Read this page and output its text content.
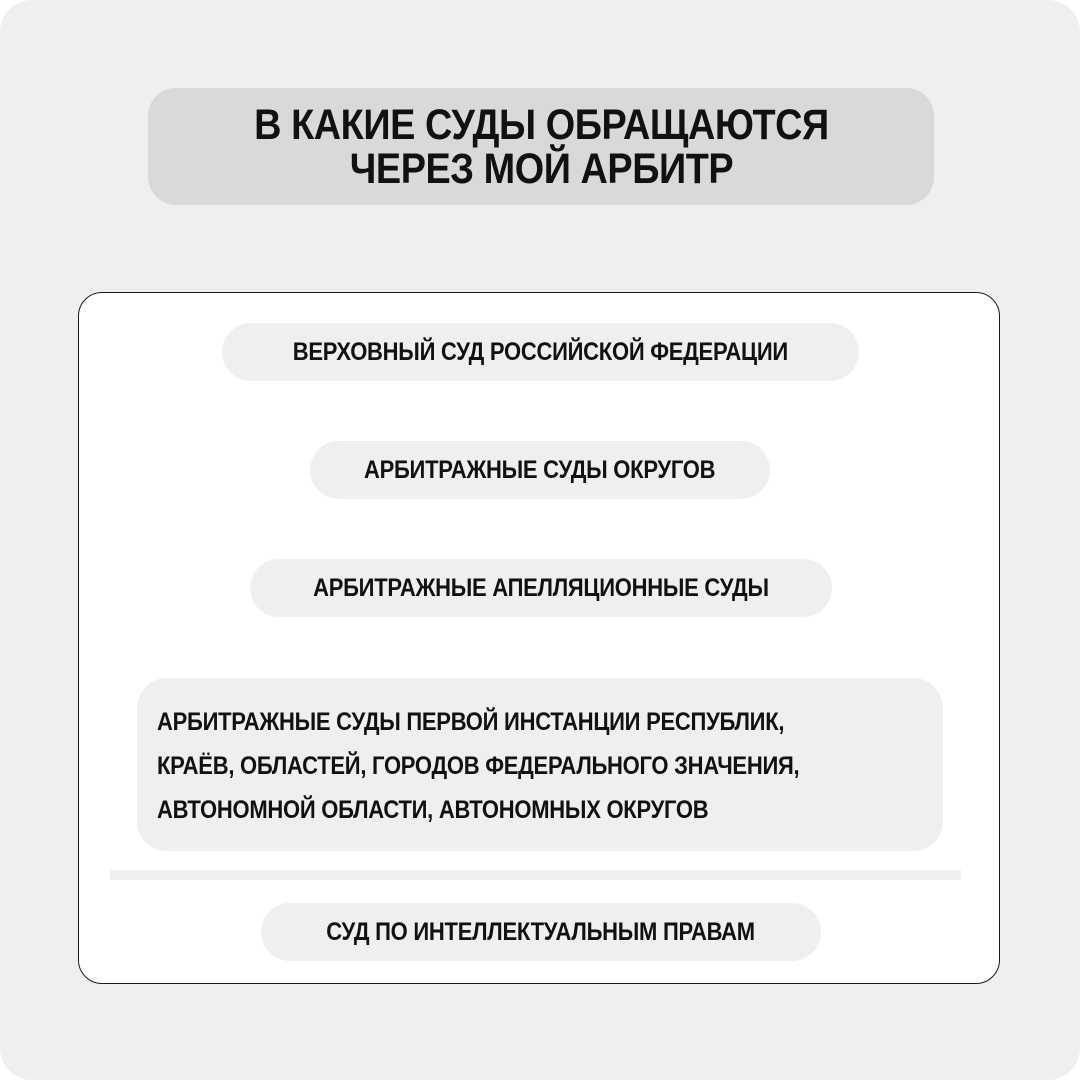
В КАКИЕ СУДЫ ОБРАЩАЮТСЯ
ЧЕРЕЗ МОЙ АРБИТР
ВЕРХОВНЫЙ СУД РОССИЙСКОЙ ФЕДЕРАЦИИ
АРБИТРАЖНЫЕ СУДЫ ОКРУГОВ
АРБИТРАЖНЫЕ АПЕЛЛЯЦИОННЫЕ СУДЫ
АРБИТРАЖНЫЕ СУДЫ ПЕРВОЙ ИНСТАНЦИИ РЕСПУБЛИК,
КРАЁВ, ОБЛАСТЕЙ, ГОРОДОВ ФЕДЕРАЛЬНОГО ЗНАЧЕНИЯ,
АВТОНОМНОЙ ОБЛАСТИ, АВТОНОМНЫХ ОКРУГОВ
СУД ПО ИНТЕЛЛЕКТУАЛЬНЫМ ПРАВАМ
